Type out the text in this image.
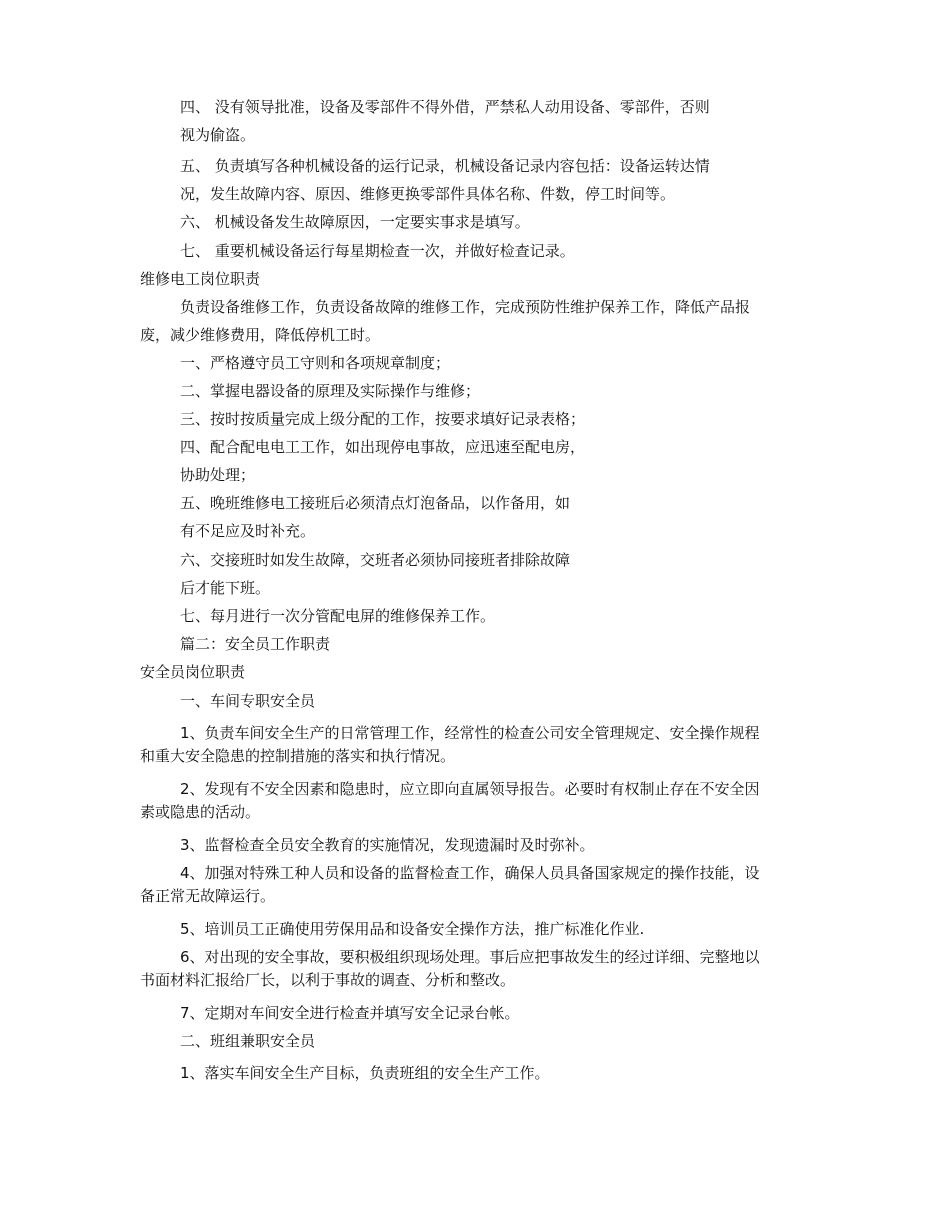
四、 没有领导批准，设备及零部件不得外借，严禁私人动用设备、零部件，否则
视为偷盗。
五、 负责填写各种机械设备的运行记录，机械设备记录内容包括：设备运转达情
况，发生故障内容、原因、维修更换零部件具体名称、件数，停工时间等。
六、 机械设备发生故障原因，一定要实事求是填写。
七、 重要机械设备运行每星期检查一次，并做好检查记录。
维修电工岗位职责
负责设备维修工作，负责设备故障的维修工作，完成预防性维护保养工作，降低产品报
废，减少维修费用，降低停机工时。
一、严格遵守员工守则和各项规章制度；
二、掌握电器设备的原理及实际操作与维修；
三、按时按质量完成上级分配的工作，按要求填好记录表格；
四、配合配电电工工作，如出现停电事故，应迅速至配电房，
协助处理；
五、晚班维修电工接班后必须清点灯泡备品，以作备用，如
有不足应及时补充。
六、交接班时如发生故障，交班者必须协同接班者排除故障
后才能下班。
七、每月进行一次分管配电屏的维修保养工作。
篇二：安全员工作职责
安全员岗位职责
一、车间专职安全员
1、负责车间安全生产的日常管理工作，经常性的检查公司安全管理规定、安全操作规程
和重大安全隐患的控制措施的落实和执行情况。
2、发现有不安全因素和隐患时，应立即向直属领导报告。必要时有权制止存在不安全因
素或隐患的活动。
3、监督检查全员安全教育的实施情况，发现遗漏时及时弥补。
4、加强对特殊工种人员和设备的监督检查工作，确保人员具备国家规定的操作技能，设
备正常无故障运行。
5、培训员工正确使用劳保用品和设备安全操作方法，推广标准化作业.
6、对出现的安全事故，要积极组织现场处理。事后应把事故发生的经过详细、完整地以
书面材料汇报给厂长，以利于事故的调查、分析和整改。
7、定期对车间安全进行检查并填写安全记录台帐。
二、班组兼职安全员
1、落实车间安全生产目标，负责班组的安全生产工作。
